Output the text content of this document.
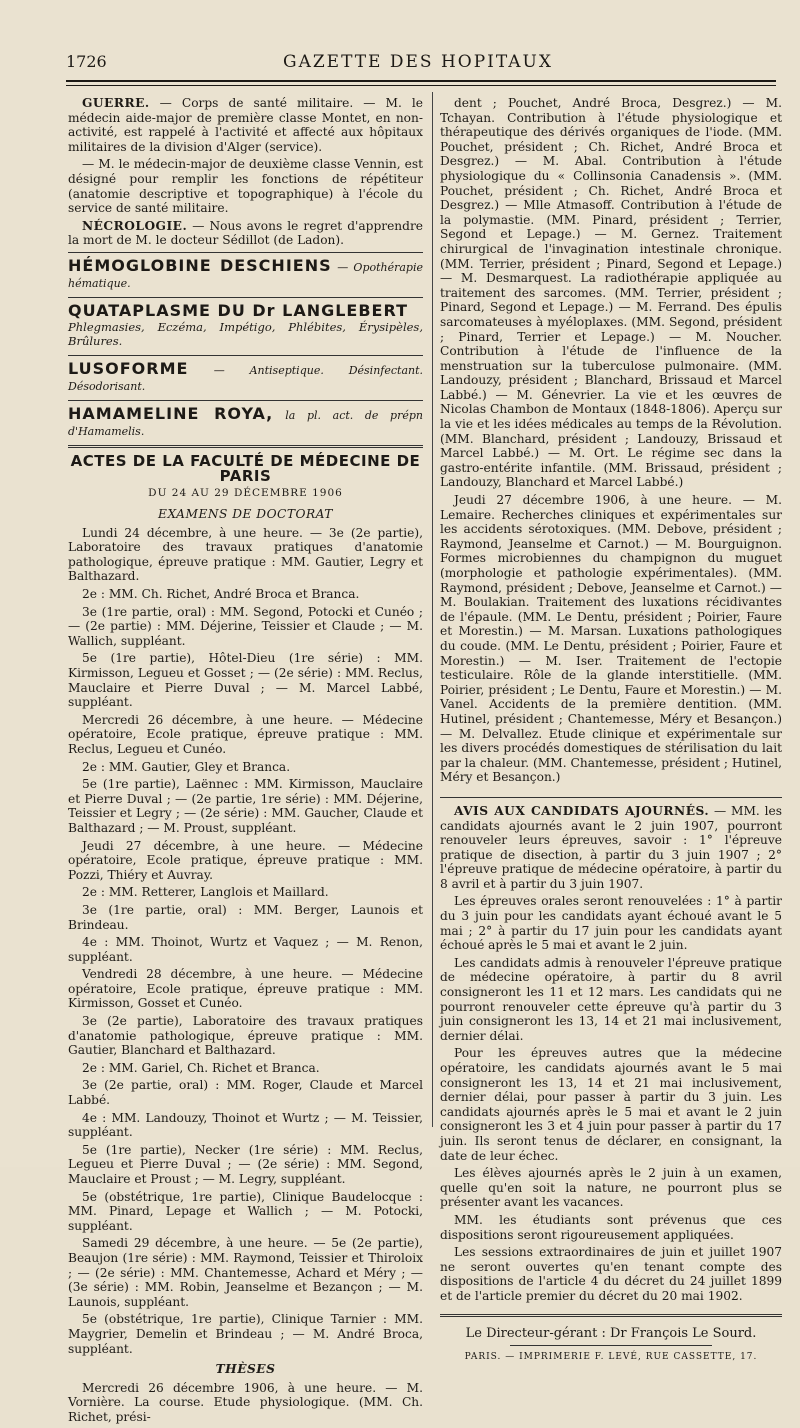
1726	GAZETTE DES HOPITAUX

GUERRE. — Corps de santé militaire. — M. le médecin aide-major de première classe Montet, en non-activité, est rappelé à l'activité et affecté aux hôpitaux militaires de la division d'Alger (service).

— M. le médecin-major de deuxième classe Vennin, est désigné pour remplir les fonctions de répétiteur (anatomie descriptive et topographique) à l'école du service de santé militaire.

NÉCROLOGIE. — Nous avons le regret d'apprendre la mort de M. le docteur Sédillot (de Ladon).

HÉMOGLOBINE DESCHIENS — Opothérapie hématique.
QUATAPLASME DU Dr LANGLEBERT
Phlegmasies, Eczéma, Impétigo, Phlébites, Érysipèles, Brûlures.
LUSOFORME — Antiseptique. Désinfectant. Désodorisant.
HAMAMELINE ROYA, la pl. act. de prépn d'Hamamelis.
ACTES DE LA FACULTÉ DE MÉDECINE DE PARIS
DU 24 AU 29 DÉCEMBRE 1906
EXAMENS DE DOCTORAT

Lundi 24 décembre, à une heure. — 3e (2e partie), Laboratoire des travaux pratiques d'anatomie pathologique, épreuve pratique : MM. Gautier, Legry et Balthazard.

2e : MM. Ch. Richet, André Broca et Branca.

3e (1re partie, oral) : MM. Segond, Potocki et Cunéo ; — (2e partie) : MM. Déjerine, Teissier et Claude ; — M. Wallich, suppléant.

5e (1re partie), Hôtel-Dieu (1re série) : MM. Kirmisson, Legueu et Gosset ; — (2e série) : MM. Reclus, Mauclaire et Pierre Duval ; — M. Marcel Labbé, suppléant.

Mercredi 26 décembre, à une heure. — Médecine opératoire, Ecole pratique, épreuve pratique : MM. Reclus, Legueu et Cunéo.

2e : MM. Gautier, Gley et Branca.

5e (1re partie), Laënnec : MM. Kirmisson, Mauclaire et Pierre Duval ; — (2e partie, 1re série) : MM. Déjerine, Teissier et Legry ; — (2e série) : MM. Gaucher, Claude et Balthazard ; — M. Proust, suppléant.

Jeudi 27 décembre, à une heure. — Médecine opératoire, Ecole pratique, épreuve pratique : MM. Pozzi, Thiéry et Auvray.

2e : MM. Retterer, Langlois et Maillard.

3e (1re partie, oral) : MM. Berger, Launois et Brindeau.

4e : MM. Thoinot, Wurtz et Vaquez ; — M. Renon, suppléant.

Vendredi 28 décembre, à une heure. — Médecine opératoire, Ecole pratique, épreuve pratique : MM. Kirmisson, Gosset et Cunéo.

3e (2e partie), Laboratoire des travaux pratiques d'anatomie pathologique, épreuve pratique : MM. Gautier, Blanchard et Balthazard.

2e : MM. Gariel, Ch. Richet et Branca.

3e (2e partie, oral) : MM. Roger, Claude et Marcel Labbé.

4e : MM. Landouzy, Thoinot et Wurtz ; — M. Teissier, suppléant.

5e (1re partie), Necker (1re série) : MM. Reclus, Legueu et Pierre Duval ; — (2e série) : MM. Segond, Mauclaire et Proust ; — M. Legry, suppléant.

5e (obstétrique, 1re partie), Clinique Baudelocque : MM. Pinard, Lepage et Wallich ; — M. Potocki, suppléant.

Samedi 29 décembre, à une heure. — 5e (2e partie), Beaujon (1re série) : MM. Raymond, Teissier et Thiroloix ; — (2e série) : MM. Chantemesse, Achard et Méry ; — (3e série) : MM. Robin, Jeanselme et Bezançon ; — M. Launois, suppléant.

5e (obstétrique, 1re partie), Clinique Tarnier : MM. Maygrier, Demelin et Brindeau ; — M. André Broca, suppléant.

THÈSES

Mercredi 26 décembre 1906, à une heure. — M. Vornière. La course. Etude physiologique. (MM. Ch. Richet, prési-

dent ; Pouchet, André Broca, Desgrez.) — M. Tchayan. Contribution à l'étude physiologique et thérapeutique des dérivés organiques de l'iode. (MM. Pouchet, président ; Ch. Richet, André Broca et Desgrez.) — M. Abal. Contribution à l'étude physiologique du « Collinsonia Canadensis ». (MM. Pouchet, président ; Ch. Richet, André Broca et Desgrez.) — Mlle Atmasoff. Contribution à l'étude de la polymastie. (MM. Pinard, président ; Terrier, Segond et Lepage.) — M. Gernez. Traitement chirurgical de l'invagination intestinale chronique. (MM. Terrier, président ; Pinard, Segond et Lepage.) — M. Desmarquest. La radiothérapie appliquée au traitement des sarcomes. (MM. Terrier, président ; Pinard, Segond et Lepage.) — M. Ferrand. Des épulis sarcomateuses à myéloplaxes. (MM. Segond, président ; Pinard, Terrier et Lepage.) — M. Noucher. Contribution à l'étude de l'influence de la menstruation sur la tuberculose pulmonaire. (MM. Landouzy, président ; Blanchard, Brissaud et Marcel Labbé.) — M. Génevrier. La vie et les œuvres de Nicolas Chambon de Montaux (1848-1806). Aperçu sur la vie et les idées médicales au temps de la Révolution. (MM. Blanchard, président ; Landouzy, Brissaud et Marcel Labbé.) — M. Ort. Le régime sec dans la gastro-entérite infantile. (MM. Brissaud, président ; Landouzy, Blanchard et Marcel Labbé.)

Jeudi 27 décembre 1906, à une heure. — M. Lemaire. Recherches cliniques et expérimentales sur les accidents sérotoxiques. (MM. Debove, président ; Raymond, Jeanselme et Carnot.) — M. Bourguignon. Formes microbiennes du champignon du muguet (morphologie et pathologie expérimentales). (MM. Raymond, président ; Debove, Jeanselme et Carnot.) — M. Boulakian. Traitement des luxations récidivantes de l'épaule. (MM. Le Dentu, président ; Poirier, Faure et Morestin.) — M. Marsan. Luxations pathologiques du coude. (MM. Le Dentu, président ; Poirier, Faure et Morestin.) — M. Iser. Traitement de l'ectopie testiculaire. Rôle de la glande interstitielle. (MM. Poirier, président ; Le Dentu, Faure et Morestin.) — M. Vanel. Accidents de la première dentition. (MM. Hutinel, président ; Chantemesse, Méry et Besançon.) — M. Delvallez. Etude clinique et expérimentale sur les divers procédés domestiques de stérilisation du lait par la chaleur. (MM. Chantemesse, président ; Hutinel, Méry et Besançon.)

AVIS AUX CANDIDATS AJOURNÉS. — MM. les candidats ajournés avant le 2 juin 1907, pourront renouveler leurs épreuves, savoir : 1° l'épreuve pratique de disection, à partir du 3 juin 1907 ; 2° l'épreuve pratique de médecine opératoire, à partir du 8 avril et à partir du 3 juin 1907.

Les épreuves orales seront renouvelées : 1° à partir du 3 juin pour les candidats ayant échoué avant le 5 mai ; 2° à partir du 17 juin pour les candidats ayant échoué après le 5 mai et avant le 2 juin.

Les candidats admis à renouveler l'épreuve pratique de médecine opératoire, à partir du 8 avril consigneront les 11 et 12 mars. Les candidats qui ne pourront renouveler cette épreuve qu'à partir du 3 juin consigneront les 13, 14 et 21 mai inclusivement, dernier délai.

Pour les épreuves autres que la médecine opératoire, les candidats ajournés avant le 5 mai consigneront les 13, 14 et 21 mai inclusivement, dernier délai, pour passer à partir du 3 juin. Les candidats ajournés après le 5 mai et avant le 2 juin consigneront les 3 et 4 juin pour passer à partir du 17 juin. Ils seront tenus de déclarer, en consignant, la date de leur échec.

Les élèves ajournés après le 2 juin à un examen, quelle qu'en soit la nature, ne pourront plus se présenter avant les vacances.

MM. les étudiants sont prévenus que ces dispositions seront rigoureusement appliquées.

Les sessions extraordinaires de juin et juillet 1907 ne seront ouvertes qu'en tenant compte des dispositions de l'article 4 du décret du 24 juillet 1899 et de l'article premier du décret du 20 mai 1902.

Le Directeur-gérant : Dr François Le Sourd.
PARIS. — IMPRIMERIE F. LEVÉ, RUE CASSETTE, 17.
